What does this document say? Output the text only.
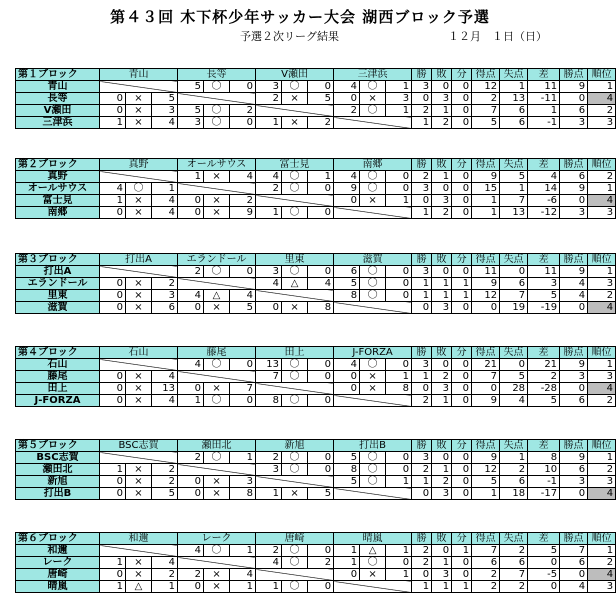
第４３回 木下杯少年サッカー大会 湖西ブロック予選
予選２次リーグ結果	１２月　１日（日）
第１ブロック	青山			長等			V瀬田			三津浜			勝	敗	分	得点	失点	差	勝点	順位
青山				5	〇	0	3	〇	0	4	〇	1	3	0	0	12	1	11	9	1
長等	0	×	5				2	×	5	0	×	3	0	3	0	2	13	-11	0	4
V瀬田	0	×	3	5	〇	2				2	〇	1	2	1	0	7	6	1	6	2
三津浜	1	×	4	3	〇	0	1	×	2				1	2	0	5	6	-1	3	3
第２ブロック	真野			オールサウス			富士見			南郷			勝	敗	分	得点	失点	差	勝点	順位
真野				1	×	4	4	〇	1	4	〇	0	2	1	0	9	5	4	6	2
オールサウス	4	〇	1				2	〇	0	9	〇	0	3	0	0	15	1	14	9	1
富士見	1	×	4	0	×	2				0	×	1	0	3	0	1	7	-6	0	4
南郷	0	×	4	0	×	9	1	〇	0				1	2	0	1	13	-12	3	3
第３ブロック	打出A			エランドール			里東			滋賀			勝	敗	分	得点	失点	差	勝点	順位
打出A				2	〇	0	3	〇	0	6	〇	0	3	0	0	11	0	11	9	1
エランドール	0	×	2				4	△	4	5	〇	0	1	1	1	9	6	3	4	3
里東	0	×	3	4	△	4				8	〇	0	1	1	1	12	7	5	4	2
滋賀	0	×	6	0	×	5	0	×	8				0	3	0	0	19	-19	0	4
第４ブロック	石山			藤尾			田上			J-FORZA			勝	敗	分	得点	失点	差	勝点	順位
石山				4	〇	0	13	〇	0	4	〇	0	3	0	0	21	0	21	9	1
藤尾	0	×	4				7	〇	0	0	×	1	1	2	0	7	5	2	3	3
田上	0	×	13	0	×	7				0	×	8	0	3	0	0	28	-28	0	4
J-FORZA	0	×	4	1	〇	0	8	〇	0				2	1	0	9	4	5	6	2
第５ブロック	BSC志賀			瀬田北			新旭			打出B			勝	敗	分	得点	失点	差	勝点	順位
BSC志賀				2	〇	1	2	〇	0	5	〇	0	3	0	0	9	1	8	9	1
瀬田北	1	×	2				3	〇	0	8	〇	0	2	1	0	12	2	10	6	2
新旭	0	×	2	0	×	3				5	〇	1	1	2	0	5	6	-1	3	3
打出B	0	×	5	0	×	8	1	×	5				0	3	0	1	18	-17	0	4
第６ブロック	和邇			レーク			唐崎			晴嵐			勝	敗	分	得点	失点	差	勝点	順位
和邇				4	〇	1	2	〇	0	1	△	1	2	0	1	7	2	5	7	1
レーク	1	×	4				4	〇	2	1	〇	0	2	1	0	6	6	0	6	2
唐崎	0	×	2	2	×	4				0	×	1	0	3	0	2	7	-5	0	4
晴嵐	1	△	1	0	×	1	1	〇	0				1	1	1	2	2	0	4	3
